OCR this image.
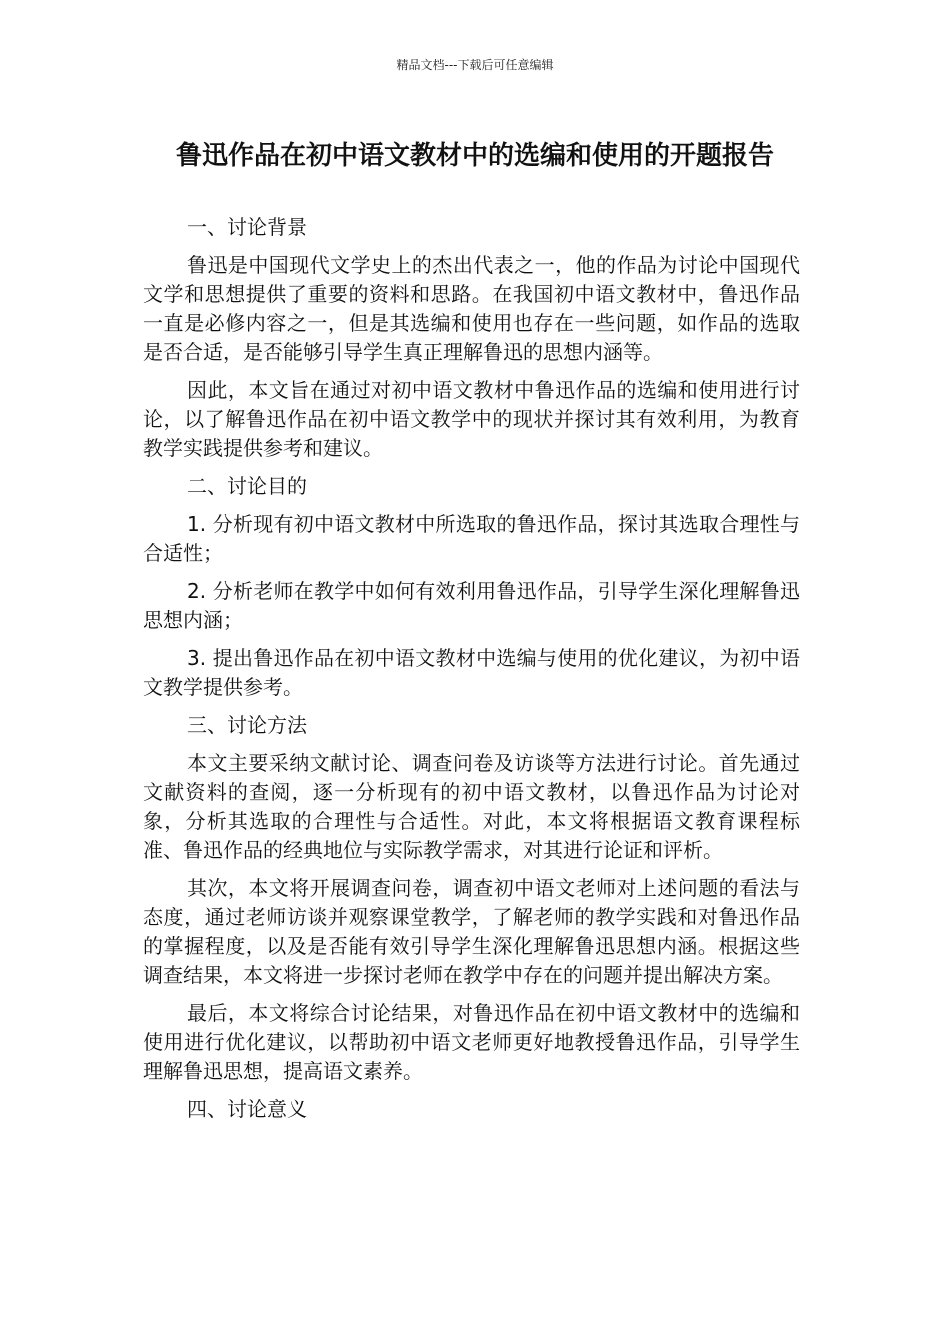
精品文档---下载后可任意编辑
鲁迅作品在初中语文教材中的选编和使用的开题报告

一、讨论背景

鲁迅是中国现代文学史上的杰出代表之一，他的作品为讨论中国现代文学和思想提供了重要的资料和思路。在我国初中语文教材中，鲁迅作品一直是必修内容之一，但是其选编和使用也存在一些问题，如作品的选取是否合适，是否能够引导学生真正理解鲁迅的思想内涵等。

因此，本文旨在通过对初中语文教材中鲁迅作品的选编和使用进行讨论，以了解鲁迅作品在初中语文教学中的现状并探讨其有效利用，为教育教学实践提供参考和建议。

二、讨论目的

1. 分析现有初中语文教材中所选取的鲁迅作品，探讨其选取合理性与合适性；

2. 分析老师在教学中如何有效利用鲁迅作品，引导学生深化理解鲁迅思想内涵；

3. 提出鲁迅作品在初中语文教材中选编与使用的优化建议，为初中语文教学提供参考。

三、讨论方法

本文主要采纳文献讨论、调查问卷及访谈等方法进行讨论。首先通过文献资料的查阅，逐一分析现有的初中语文教材，以鲁迅作品为讨论对象，分析其选取的合理性与合适性。对此，本文将根据语文教育课程标准、鲁迅作品的经典地位与实际教学需求，对其进行论证和评析。

其次，本文将开展调查问卷，调查初中语文老师对上述问题的看法与态度，通过老师访谈并观察课堂教学，了解老师的教学实践和对鲁迅作品的掌握程度，以及是否能有效引导学生深化理解鲁迅思想内涵。根据这些调查结果，本文将进一步探讨老师在教学中存在的问题并提出解决方案。

最后，本文将综合讨论结果，对鲁迅作品在初中语文教材中的选编和使用进行优化建议，以帮助初中语文老师更好地教授鲁迅作品，引导学生理解鲁迅思想，提高语文素养。

四、讨论意义
